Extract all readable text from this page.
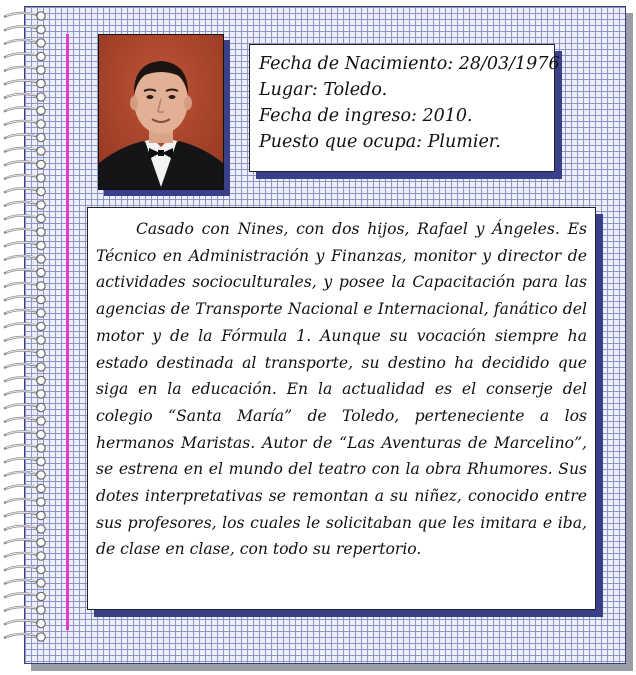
Fecha de Nacimiento: 28/03/1976
Lugar: Toledo.
Fecha de ingreso: 2010.
Puesto que ocupa: Plumier.

Casado con Nines, con dos hijos, Rafael y Ángeles. Es Técnico en Administración y Finanzas, monitor y director de actividades socioculturales, y posee la Capacitación para las agencias de Transporte Nacional e Internacional, fanático del motor y de la Fórmula 1. Aunque su vocación siempre ha estado destinada al transporte, su destino ha decidido que siga en la educación. En la actualidad es el conserje del colegio “Santa María” de Toledo, perteneciente a los hermanos Maristas. Autor de “Las Aventuras de Marcelino”, se estrena en el mundo del teatro con la obra Rhumores. Sus dotes interpretativas se remontan a su niñez, conocido entre sus profesores, los cuales le solicitaban que les imitara e iba, de clase en clase, con todo su repertorio.
